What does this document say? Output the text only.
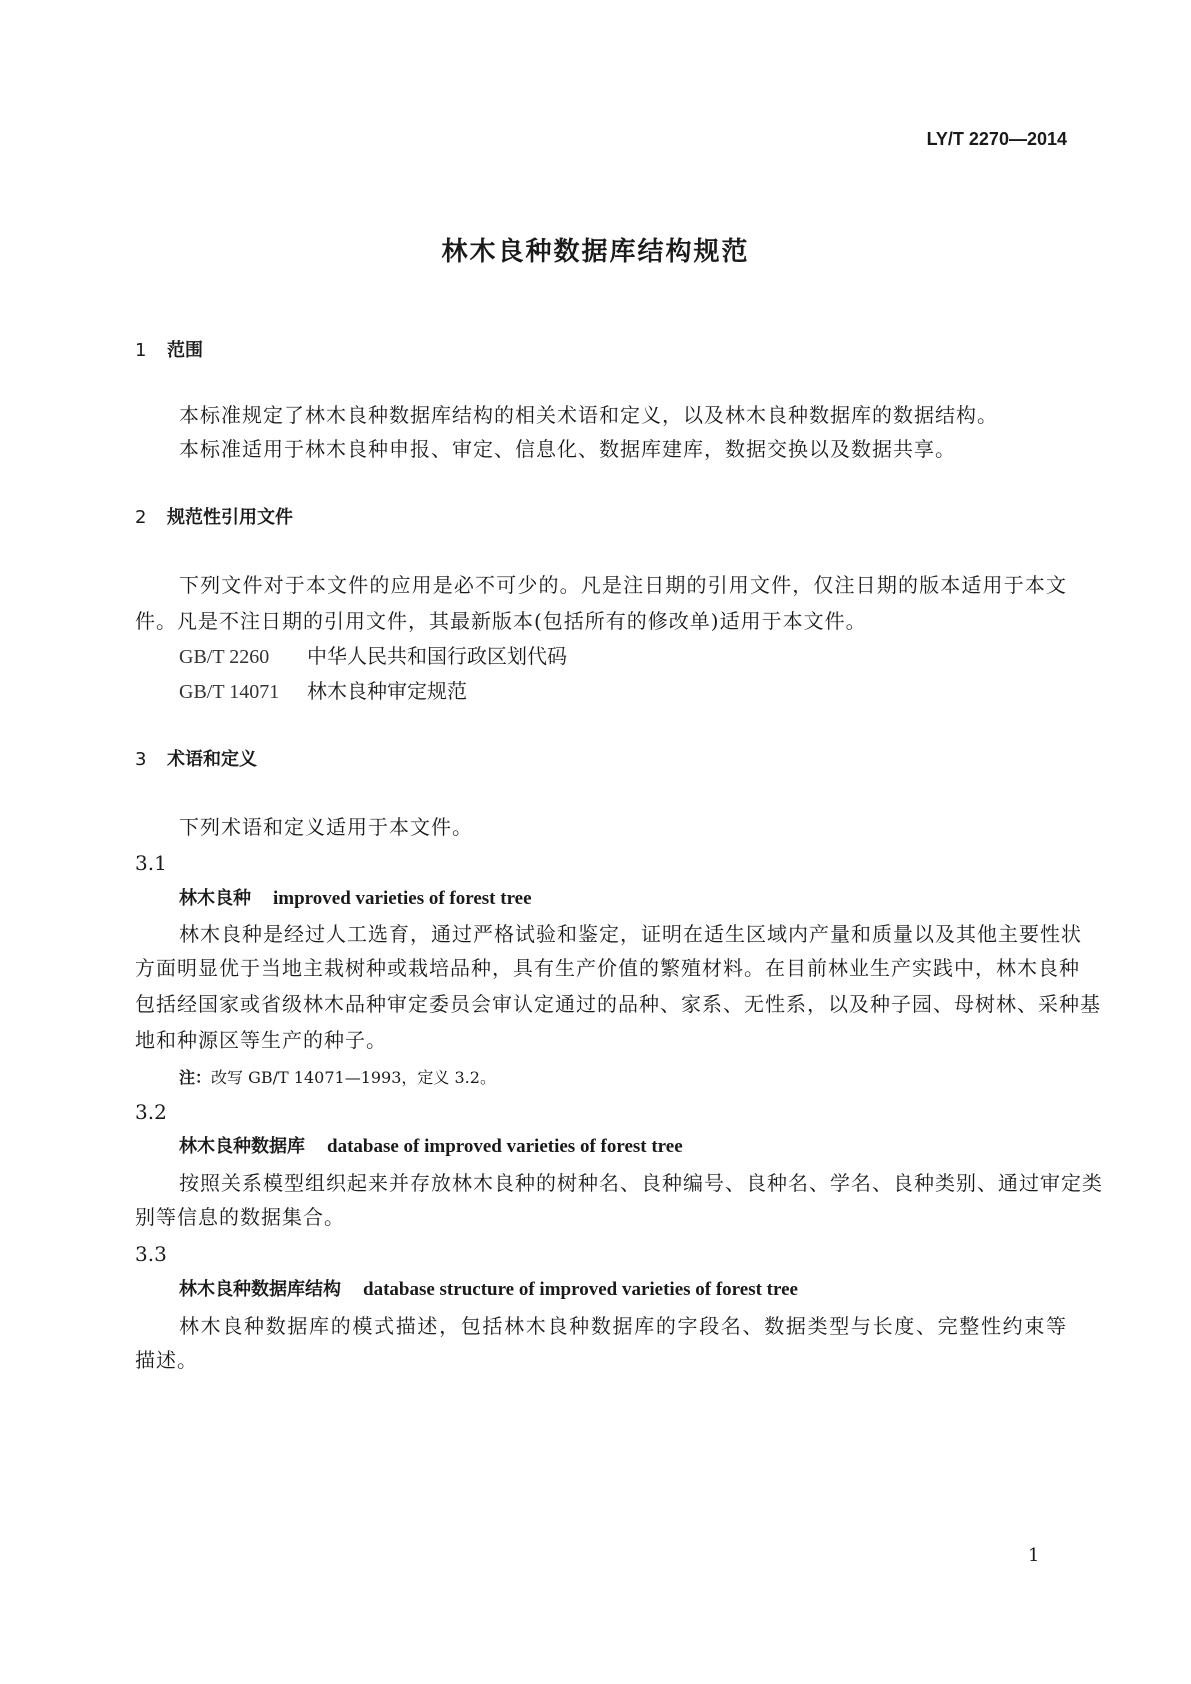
LY/T 2270—2014
林木良种数据库结构规范
1 范围
本标准规定了林木良种数据库结构的相关术语和定义，以及林木良种数据库的数据结构。
本标准适用于林木良种申报、审定、信息化、数据库建库，数据交换以及数据共享。
2 规范性引用文件
下列文件对于本文件的应用是必不可少的。凡是注日期的引用文件，仅注日期的版本适用于本文
件。凡是不注日期的引用文件，其最新版本(包括所有的修改单)适用于本文件。
GB/T 2260 中华人民共和国行政区划代码
GB/T 14071 林木良种审定规范
3 术语和定义
下列术语和定义适用于本文件。
3.1
林木良种 improved varieties of forest tree
林木良种是经过人工选育，通过严格试验和鉴定，证明在适生区域内产量和质量以及其他主要性状
方面明显优于当地主栽树种或栽培品种，具有生产价值的繁殖材料。在目前林业生产实践中，林木良种
包括经国家或省级林木品种审定委员会审认定通过的品种、家系、无性系，以及种子园、母树林、采种基
地和种源区等生产的种子。
注：改写 GB/T 14071—1993，定义 3.2。
3.2
林木良种数据库 database of improved varieties of forest tree
按照关系模型组织起来并存放林木良种的树种名、良种编号、良种名、学名、良种类别、通过审定类
别等信息的数据集合。
3.3
林木良种数据库结构 database structure of improved varieties of forest tree
林木良种数据库的模式描述，包括林木良种数据库的字段名、数据类型与长度、完整性约束等
描述。
1
